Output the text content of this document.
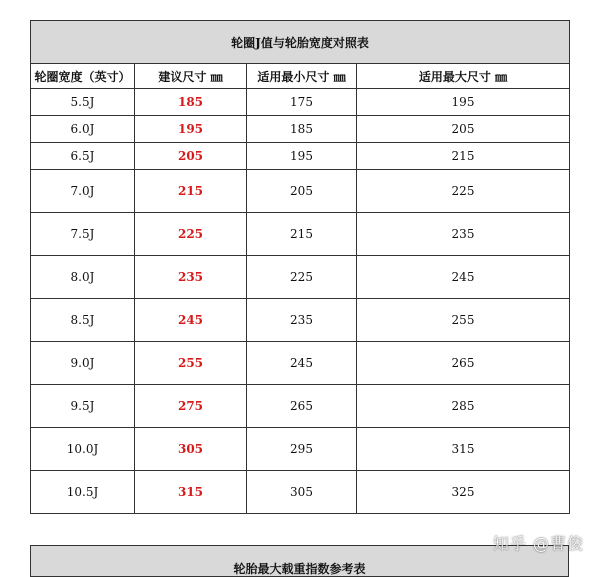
轮圈J值与轮胎宽度对照表			
轮圈宽度（英寸）	建议尺寸 ㎜	适用最小尺寸 ㎜	适用最大尺寸 ㎜
5.5J	185	175	195
6.0J	195	185	205
6.5J	205	195	215
7.0J	215	205	225
7.5J	225	215	235
8.0J	235	225	245
8.5J	245	235	255
9.0J	255	245	265
9.5J	275	265	285
10.0J	305	295	315
10.5J	315	305	325
轮胎最大载重指数参考表
知乎 @曹俊
